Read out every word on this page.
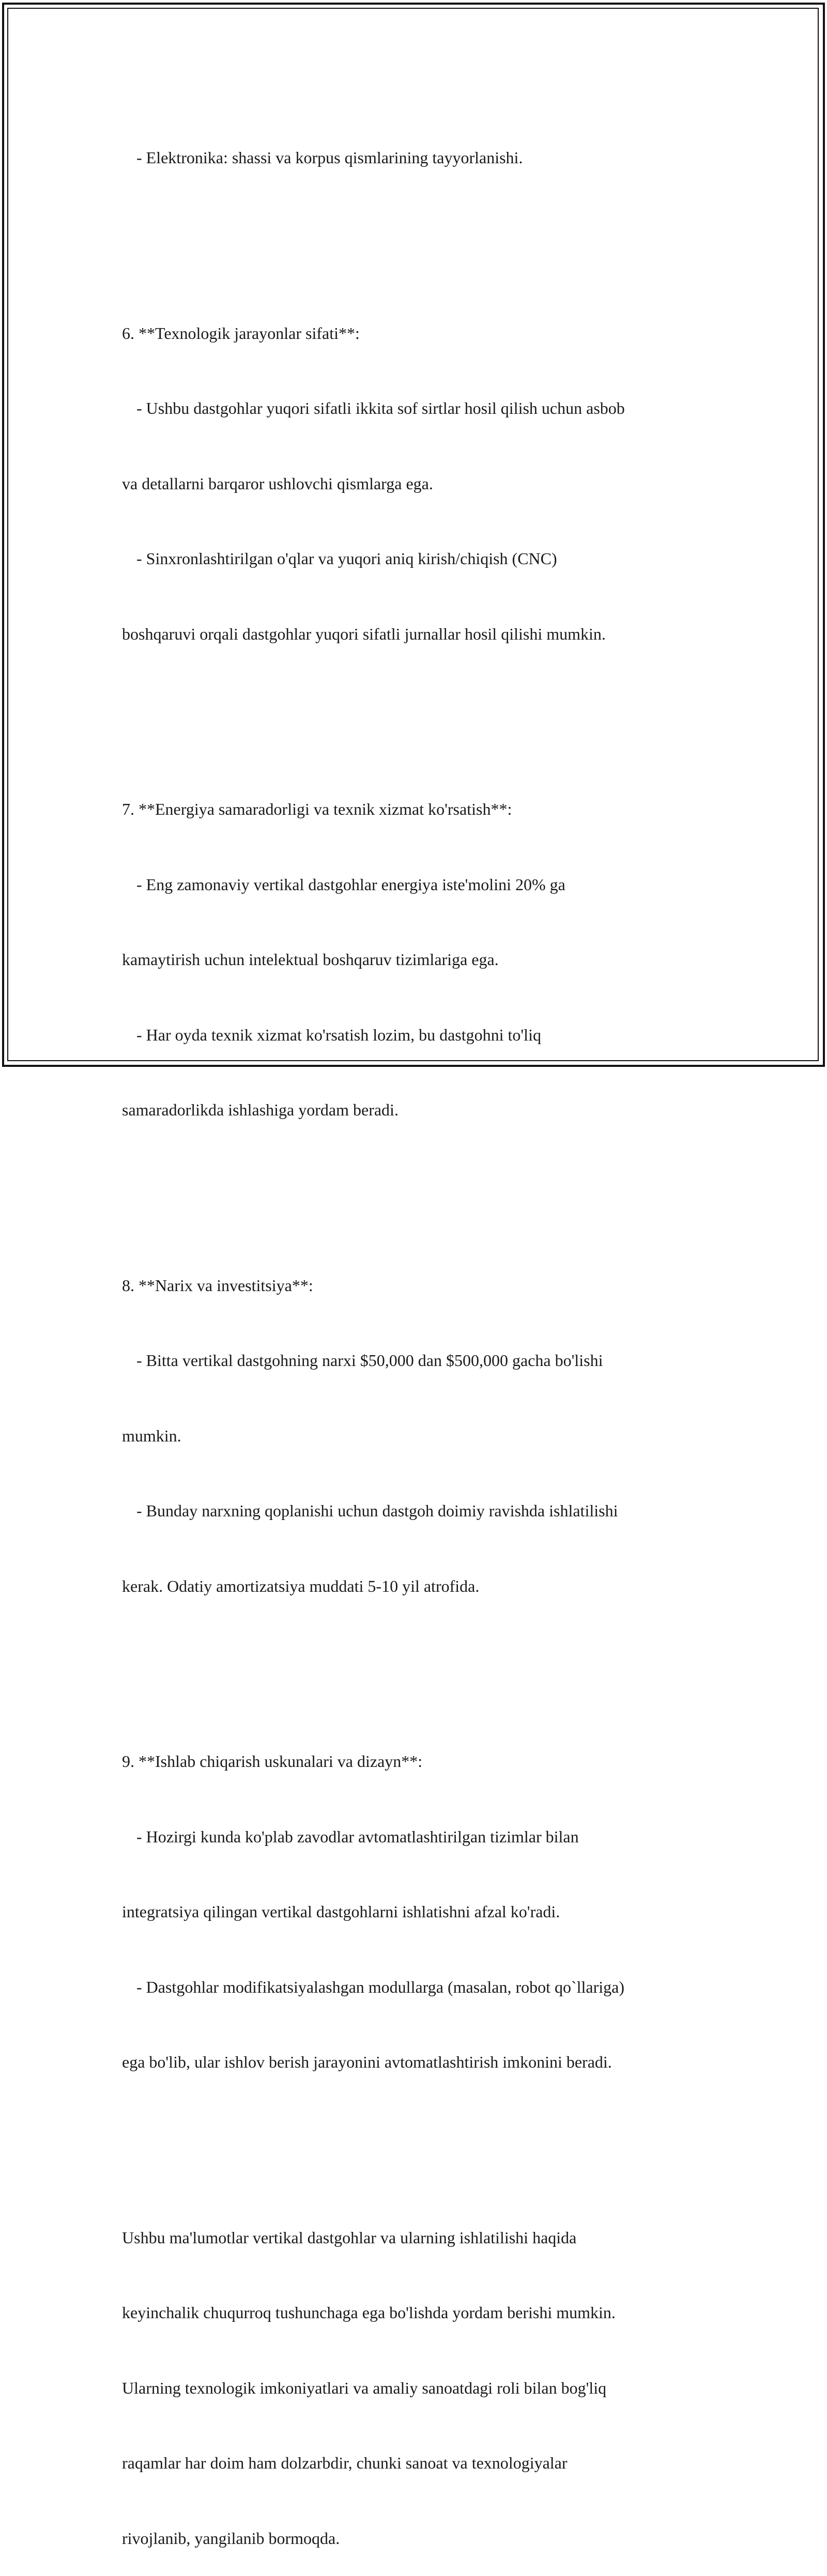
- Elektronika: shassi va korpus qismlarining tayyorlanishi.

6. **Texnologik jarayonlar sifati**:

- Ushbu dastgohlar yuqori sifatli ikkita sof sirtlar hosil qilish uchun asbob

va detallarni barqaror ushlovchi qismlarga ega.

- Sinxronlashtirilgan o'qlar va yuqori aniq kirish/chiqish (CNC)

boshqaruvi orqali dastgohlar yuqori sifatli jurnallar hosil qilishi mumkin.

7. **Energiya samaradorligi va texnik xizmat ko'rsatish**:

- Eng zamonaviy vertikal dastgohlar energiya iste'molini 20% ga

kamaytirish uchun intelektual boshqaruv tizimlariga ega.

- Har oyda texnik xizmat ko'rsatish lozim, bu dastgohni to'liq

samaradorlikda ishlashiga yordam beradi.

8. **Narix va investitsiya**:

- Bitta vertikal dastgohning narxi $50,000 dan $500,000 gacha bo'lishi

mumkin.

- Bunday narxning qoplanishi uchun dastgoh doimiy ravishda ishlatilishi

kerak. Odatiy amortizatsiya muddati 5-10 yil atrofida.

9. **Ishlab chiqarish uskunalari va dizayn**:

- Hozirgi kunda ko'plab zavodlar avtomatlashtirilgan tizimlar bilan

integratsiya qilingan vertikal dastgohlarni ishlatishni afzal ko'radi.

- Dastgohlar modifikatsiyalashgan modullarga (masalan, robot qo`llariga)

ega bo'lib, ular ishlov berish jarayonini avtomatlashtirish imkonini beradi.

Ushbu ma'lumotlar vertikal dastgohlar va ularning ishlatilishi haqida

keyinchalik chuqurroq tushunchaga ega bo'lishda yordam berishi mumkin.

Ularning texnologik imkoniyatlari va amaliy sanoatdagi roli bilan bog'liq

raqamlar har doim ham dolzarbdir, chunki sanoat va texnologiyalar

rivojlanib, yangilanib bormoqda.
